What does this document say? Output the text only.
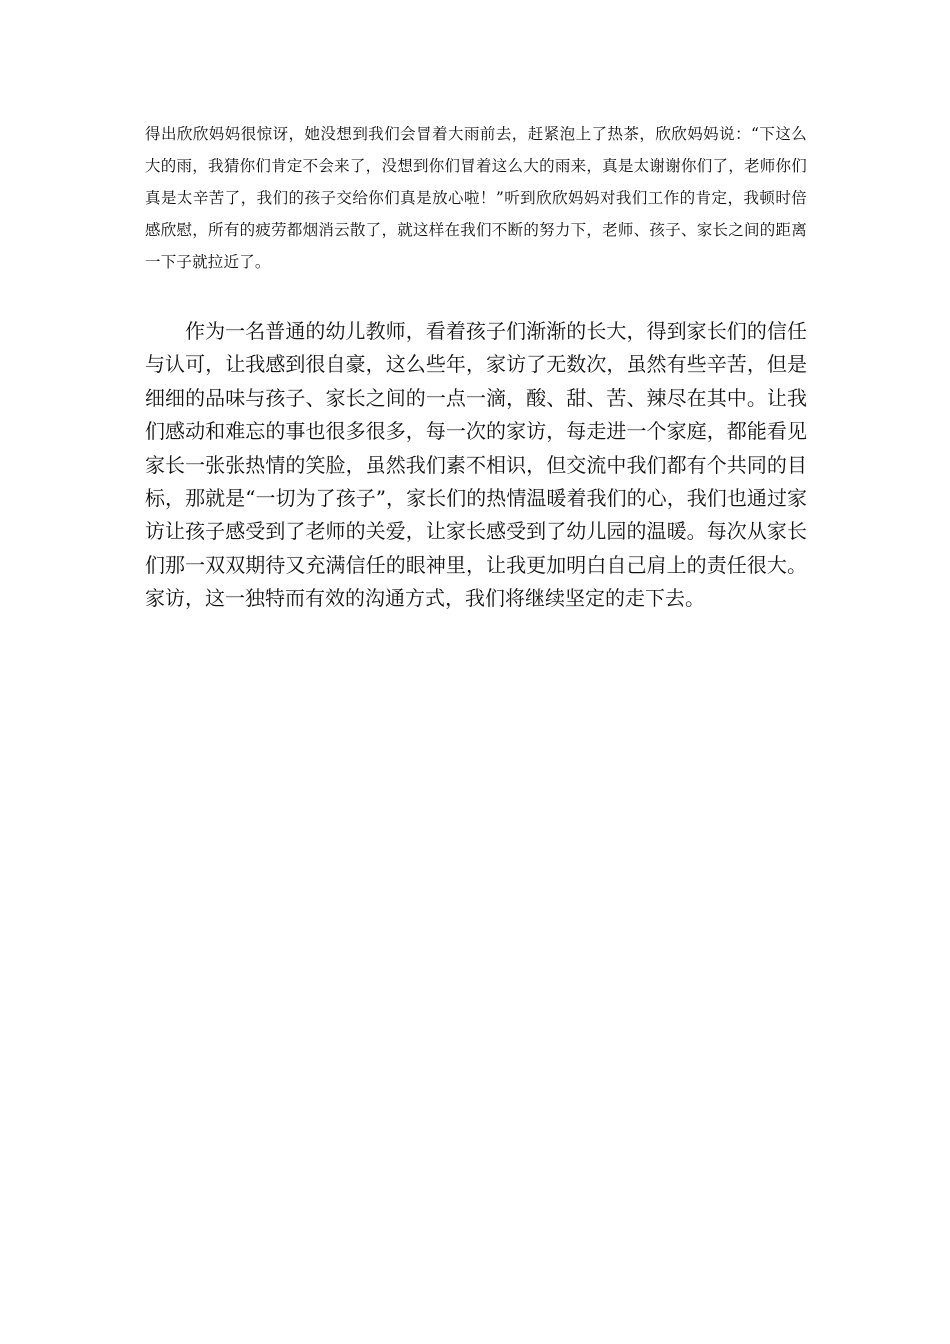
得出欣欣妈妈很惊讶，她没想到我们会冒着大雨前去，赶紧泡上了热茶，欣欣妈妈说：“下这么大的雨，我猜你们肯定不会来了，没想到你们冒着这么大的雨来，真是太谢谢你们了，老师你们真是太辛苦了，我们的孩子交给你们真是放心啦！”听到欣欣妈妈对我们工作的肯定，我顿时倍感欣慰，所有的疲劳都烟消云散了，就这样在我们不断的努力下，老师、孩子、家长之间的距离一下子就拉近了。

作为一名普通的幼儿教师，看着孩子们渐渐的长大，得到家长们的信任与认可，让我感到很自豪，这么些年，家访了无数次，虽然有些辛苦，但是细细的品味与孩子、家长之间的一点一滴，酸、甜、苦、辣尽在其中。让我们感动和难忘的事也很多很多，每一次的家访，每走进一个家庭，都能看见家长一张张热情的笑脸，虽然我们素不相识，但交流中我们都有个共同的目标，那就是“一切为了孩子”，家长们的热情温暖着我们的心，我们也通过家访让孩子感受到了老师的关爱，让家长感受到了幼儿园的温暖。每次从家长们那一双双期待又充满信任的眼神里，让我更加明白自己肩上的责任很大。家访，这一独特而有效的沟通方式，我们将继续坚定的走下去。
